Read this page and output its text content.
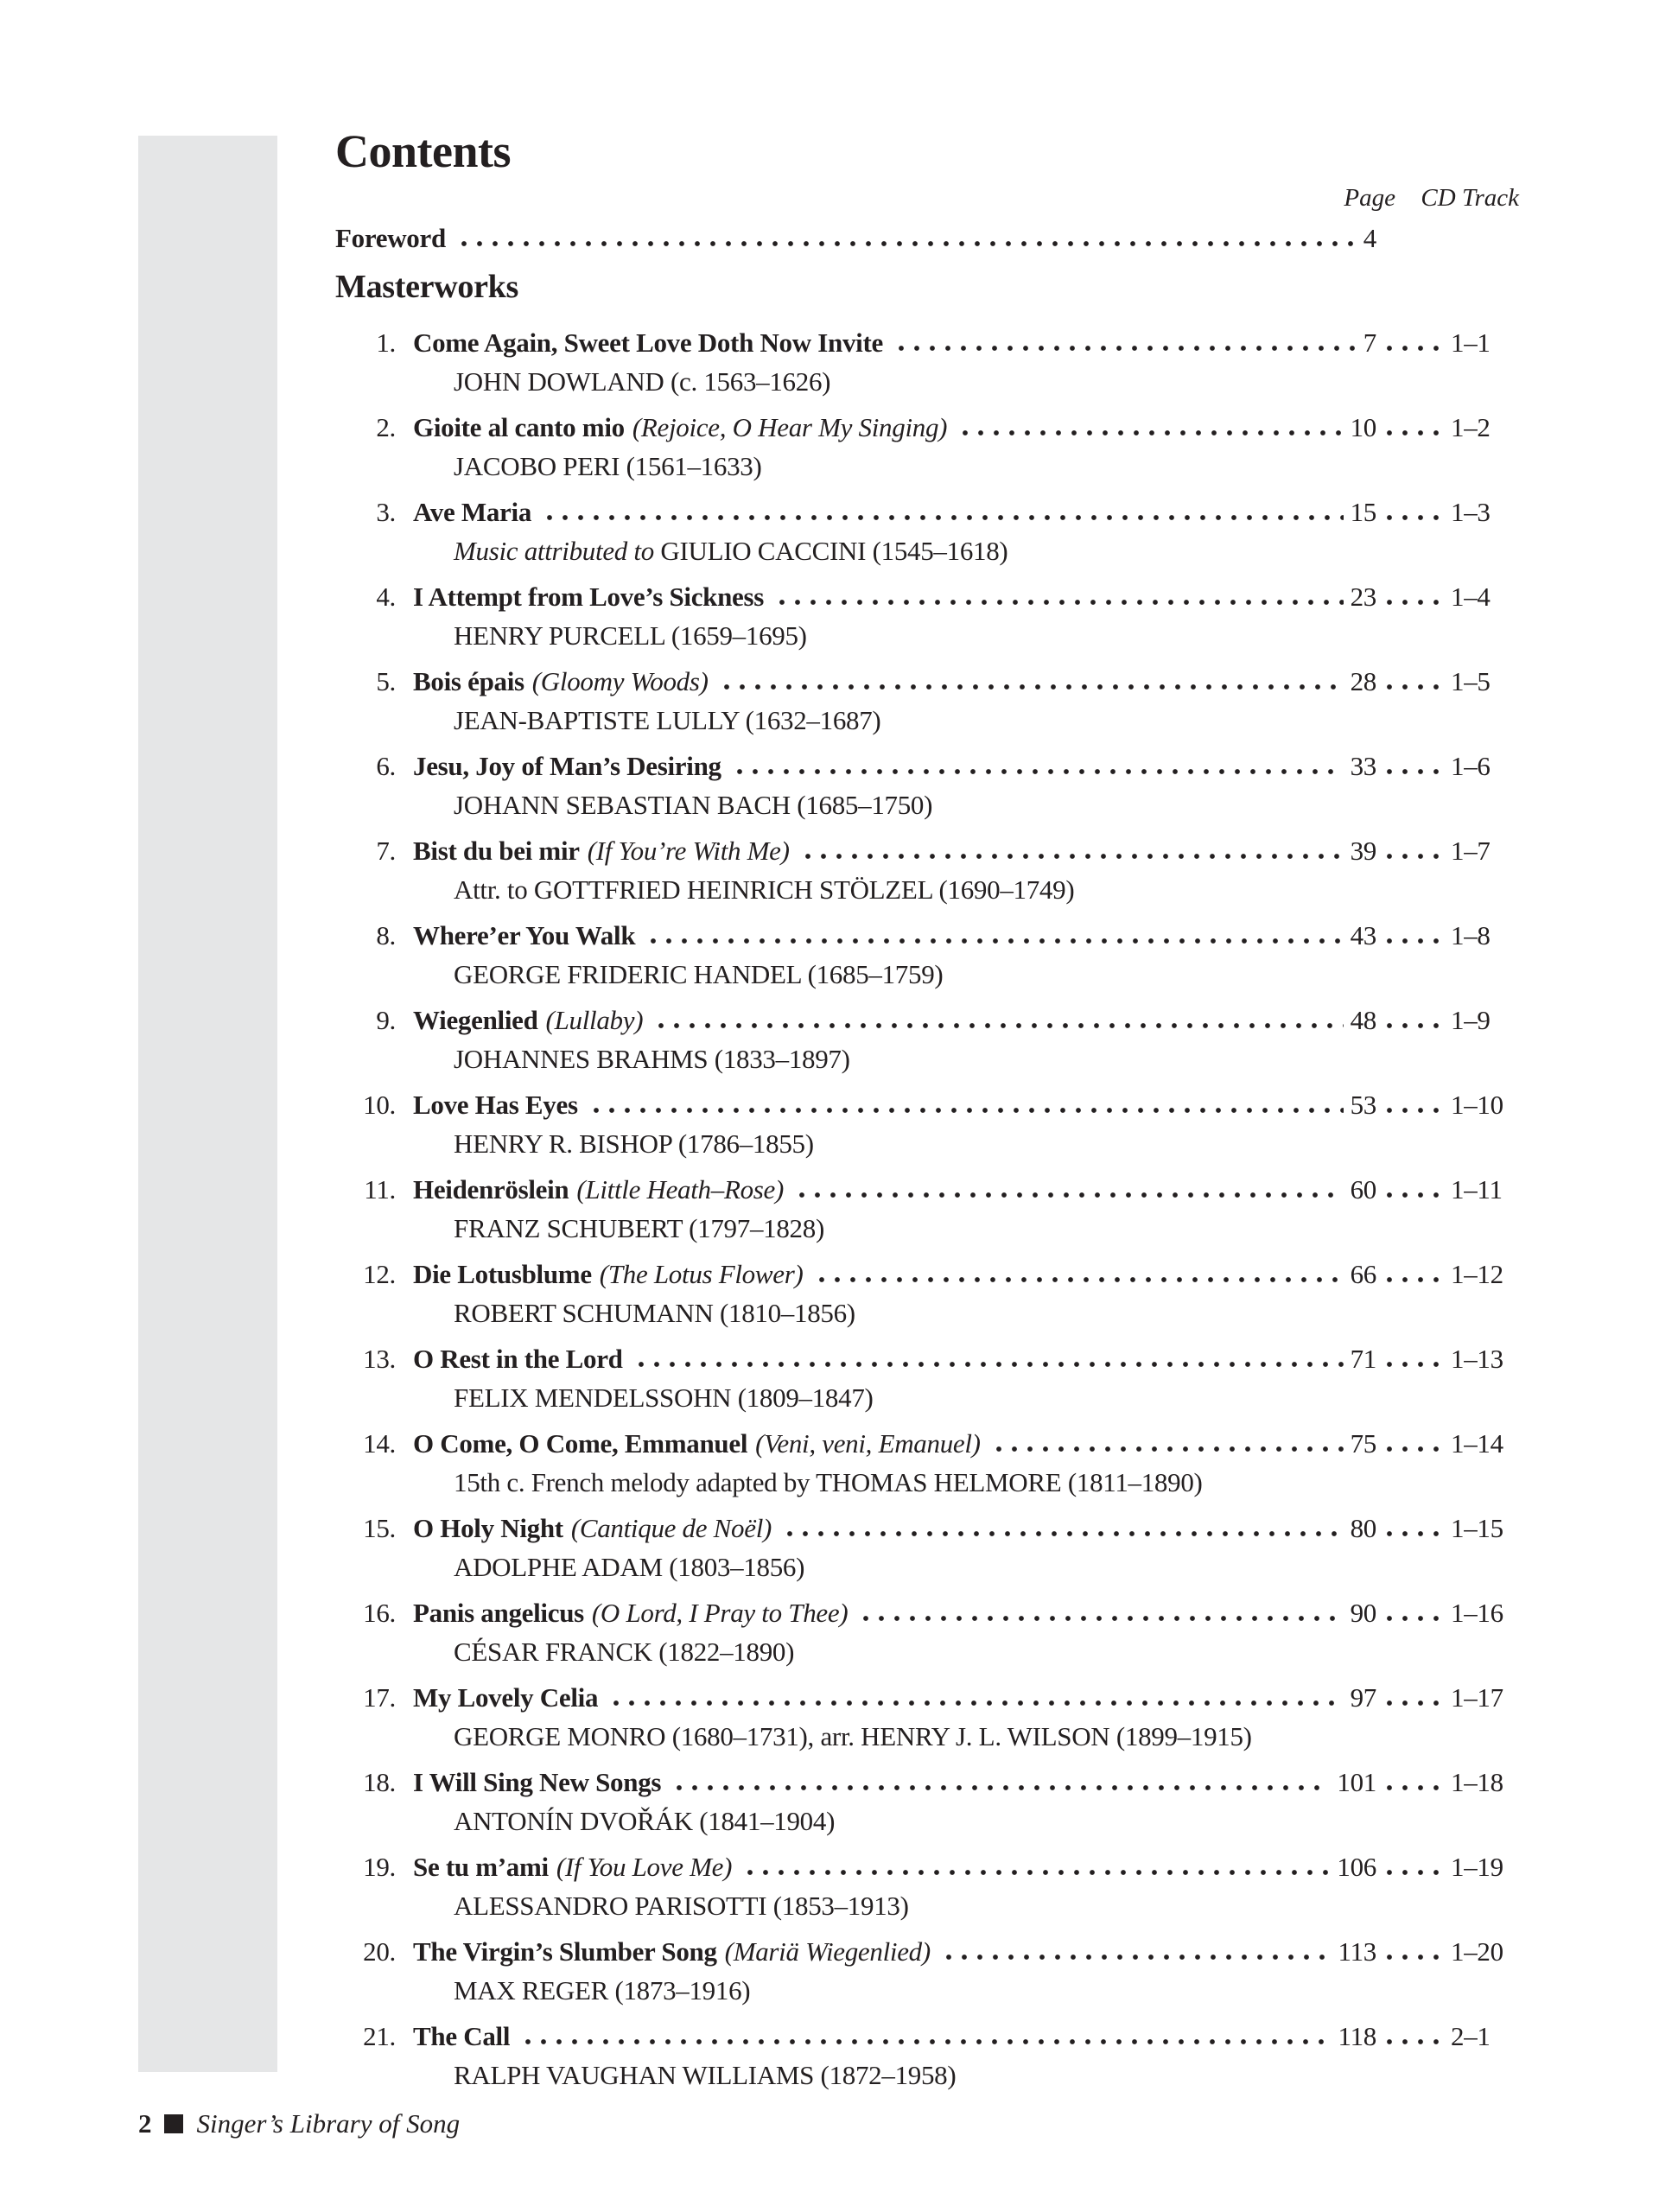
Contents
Page	CD Track
Foreword	4
Masterworks
1. Come Again, Sweet Love Doth Now Invite	7	1–1
JOHN DOWLAND (c. 1563–1626)
2. Gioite al canto mio (Rejoice, O Hear My Singing)	10	1–2
JACOBO PERI (1561–1633)
3. Ave Maria	15	1–3
Music attributed to GIULIO CACCINI (1545–1618)
4. I Attempt from Love’s Sickness	23	1–4
HENRY PURCELL (1659–1695)
5. Bois épais (Gloomy Woods)	28	1–5
JEAN-BAPTISTE LULLY (1632–1687)
6. Jesu, Joy of Man’s Desiring	33	1–6
JOHANN SEBASTIAN BACH (1685–1750)
7. Bist du bei mir (If You’re With Me)	39	1–7
Attr. to GOTTFRIED HEINRICH STÖLZEL (1690–1749)
8. Where’er You Walk	43	1–8
GEORGE FRIDERIC HANDEL (1685–1759)
9. Wiegenlied (Lullaby)	48	1–9
JOHANNES BRAHMS (1833–1897)
10. Love Has Eyes	53	1–10
HENRY R. BISHOP (1786–1855)
11. Heidenröslein (Little Heath–Rose)	60	1–11
FRANZ SCHUBERT (1797–1828)
12. Die Lotusblume (The Lotus Flower)	66	1–12
ROBERT SCHUMANN (1810–1856)
13. O Rest in the Lord	71	1–13
FELIX MENDELSSOHN (1809–1847)
14. O Come, O Come, Emmanuel (Veni, veni, Emanuel)	75	1–14
15th c. French melody adapted by THOMAS HELMORE (1811–1890)
15. O Holy Night (Cantique de Noël)	80	1–15
ADOLPHE ADAM (1803–1856)
16. Panis angelicus (O Lord, I Pray to Thee)	90	1–16
CÉSAR FRANCK (1822–1890)
17. My Lovely Celia	97	1–17
GEORGE MONRO (1680–1731), arr. HENRY J. L. WILSON (1899–1915)
18. I Will Sing New Songs	101	1–18
ANTONÍN DVOŘÁK (1841–1904)
19. Se tu m’ami (If You Love Me)	106	1–19
ALESSANDRO PARISOTTI (1853–1913)
20. The Virgin’s Slumber Song (Mariä Wiegenlied)	113	1–20
MAX REGER (1873–1916)
21. The Call	118	2–1
RALPH VAUGHAN WILLIAMS (1872–1958)
2 Singer’s Library of Song
